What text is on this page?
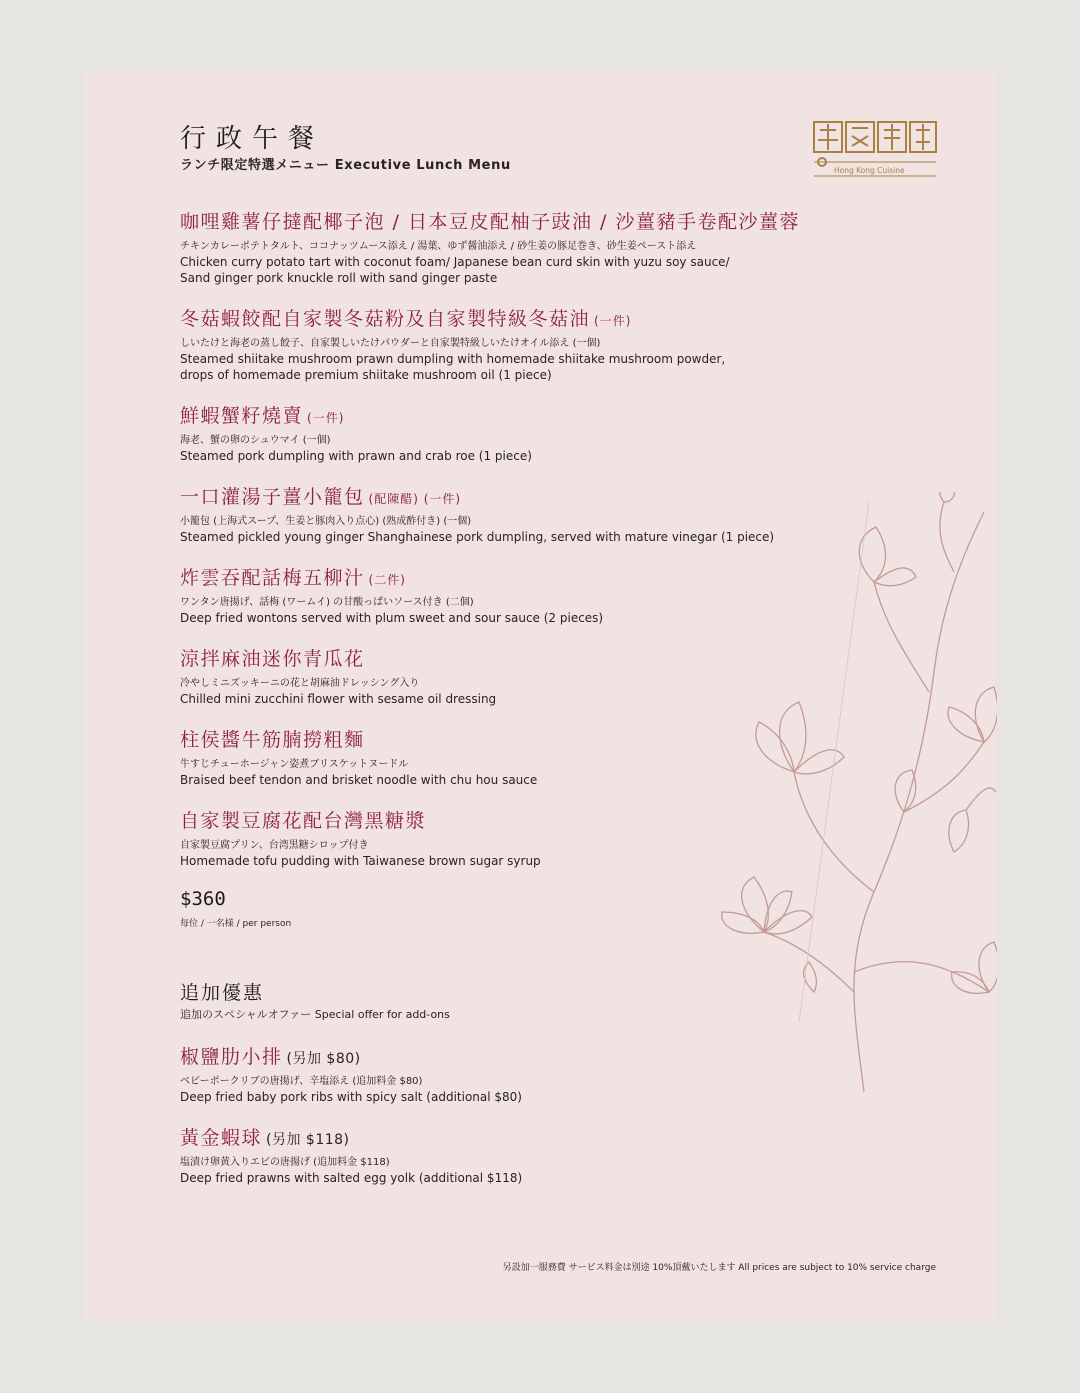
行政午餐
ランチ限定特選メニュー Executive Lunch Menu	Hong Kong Cuisine
咖哩雞薯仔撻配椰子泡 / 日本豆皮配柚子豉油 / 沙薑豬手卷配沙薑蓉
チキンカレーポテトタルト、ココナッツムース添え / 湯葉、ゆず醤油添え / 砂生姜の豚足巻き、砂生姜ペースト添え
Chicken curry potato tart with coconut foam/ Japanese bean curd skin with yuzu soy sauce/
Sand ginger pork knuckle roll with sand ginger paste
冬菇蝦餃配自家製冬菇粉及自家製特級冬菇油 (一件)
しいたけと海老の蒸し餃子、自家製しいたけパウダーと自家製特級しいたけオイル添え (一個)
Steamed shiitake mushroom prawn dumpling with homemade shiitake mushroom powder,
drops of homemade premium shiitake mushroom oil (1 piece)
鮮蝦蟹籽燒賣 (一件)
海老、蟹の卵のシュウマイ (一個)
Steamed pork dumpling with prawn and crab roe (1 piece)
一口灌湯子薑小籠包 (配陳醋) (一件)
小籠包 (上海式スープ、生姜と豚肉入り点心) (熟成酢付き) (一個)
Steamed pickled young ginger Shanghainese pork dumpling, served with mature vinegar (1 piece)
炸雲吞配話梅五柳汁 (二件)
ワンタン唐揚げ、話梅 (ワームイ) の甘酸っぱいソース付き (二個)
Deep fried wontons served with plum sweet and sour sauce (2 pieces)
涼拌麻油迷你青瓜花
冷やしミニズッキーニの花と胡麻油ドレッシング入り
Chilled mini zucchini flower with sesame oil dressing
柱侯醬牛筋腩撈粗麵
牛すじチューホージャン姿煮ブリスケットヌードル
Braised beef tendon and brisket noodle with chu hou sauce
自家製豆腐花配台灣黑糖漿
自家製豆腐プリン、台湾黒糖シロップ付き
Homemade tofu pudding with Taiwanese brown sugar syrup
$360
每位 / 一名様 / per person
追加優惠
追加のスペシャルオファー Special offer for add-ons
椒鹽肋小排 (另加 $80)
ベビーポークリブの唐揚げ、辛塩添え (追加料金 $80)
Deep fried baby pork ribs with spicy salt (additional $80)
黃金蝦球 (另加 $118)
塩漬け卵黄入りエビの唐揚げ (追加料金 $118)
Deep fried prawns with salted egg yolk (additional $118)
另設加一服務費 サービス料金は別途 10%頂戴いたします All prices are subject to 10% service charge
